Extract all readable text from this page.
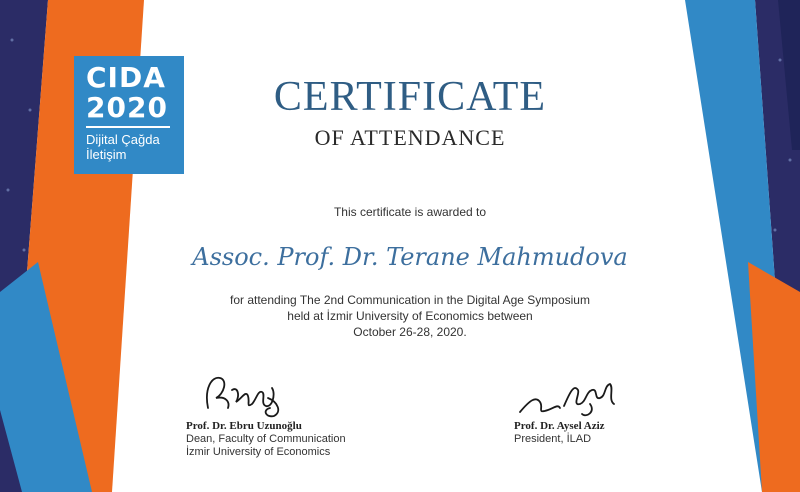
CIDA
2020
Dijital Çağda
İletişim
CERTIFICATE
OF ATTENDANCE
This certificate is awarded to
Assoc. Prof. Dr. Terane Mahmudova
for attending The 2nd Communication in the Digital Age Symposium
held at İzmir University of Economics between
October 26-28, 2020.
Prof. Dr. Ebru Uzunoğlu
Dean, Faculty of Communication
İzmir University of Economics
Prof. Dr. Aysel Aziz
President, İLAD
